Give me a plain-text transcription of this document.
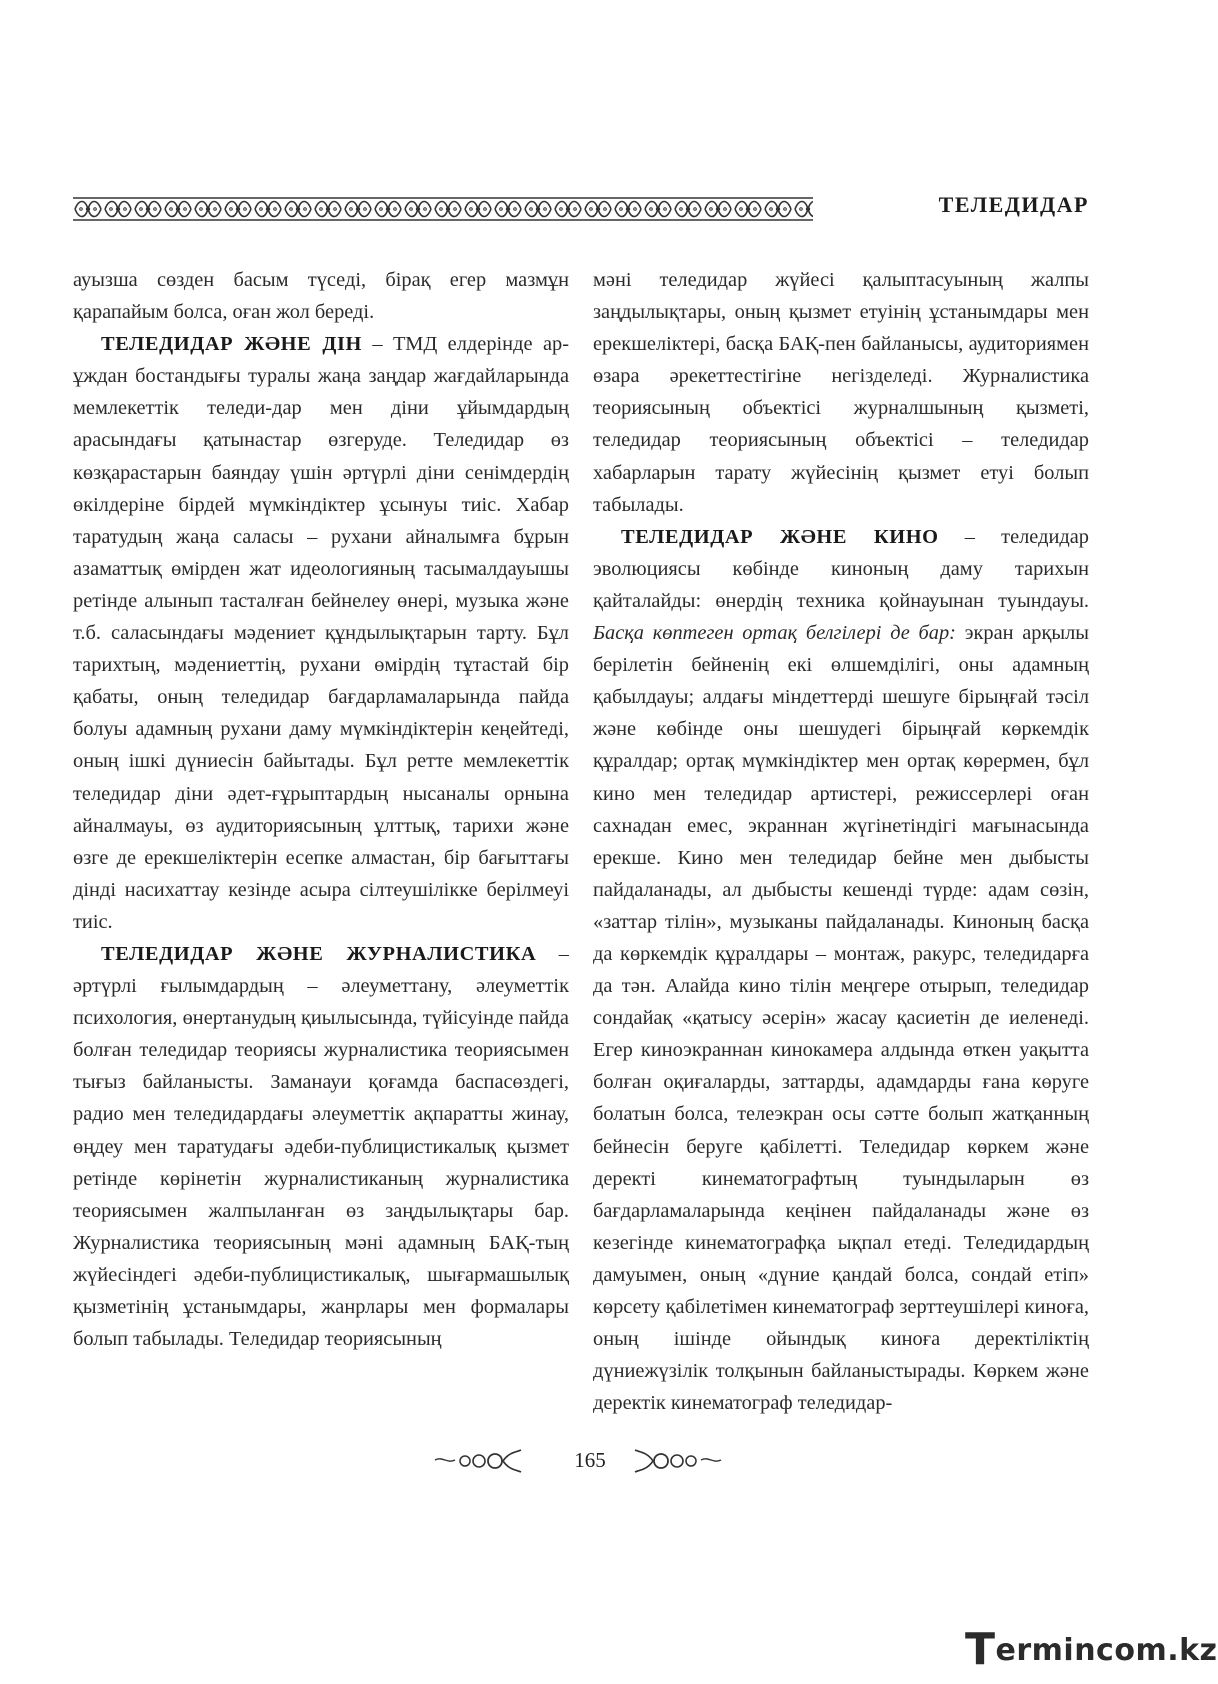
ТЕЛЕДИДАР

ауызша сөзден басым түседі, бірақ егер мазмұн қарапайым болса, оған жол береді.

ТЕЛЕДИДАР ЖӘНЕ ДІН – ТМД елдерінде ар-ұждан бостандығы туралы жаңа заңдар жағдайларында мемлекеттік теледи-дар мен діни ұйымдардың арасындағы қатынастар өзгеруде. Теледидар өз көзқарастарын баяндау үшін әртүрлі діни сенімдердің өкілдеріне бірдей мүмкіндіктер ұсынуы тиіс. Хабар таратудың жаңа саласы – рухани айналымға бұрын азаматтық өмірден жат идеологияның тасымалдауышы ретінде алынып тасталған бейнелеу өнері, музыка және т.б. саласындағы мәдениет құндылықтарын тарту. Бұл тарихтың, мәдениеттің, рухани өмірдің тұтастай бір қабаты, оның теледидар бағдарламаларында пайда болуы адамның рухани даму мүмкіндіктерін кеңейтеді, оның ішкі дүниесін байытады. Бұл ретте мемлекеттік теледидар діни әдет-ғұрыптардың нысаналы орнына айналмауы, өз аудиториясының ұлттық, тарихи және өзге де ерекшеліктерін есепке алмастан, бір бағыттағы дінді насихаттау кезінде асыра сілтеушілікке берілмеуі тиіс.

ТЕЛЕДИДАР ЖӘНЕ ЖУРНАЛИСТИКА – әртүрлі ғылымдардың – әлеуметтану, әлеуметтік психология, өнертанудың қиылысында, түйісуінде пайда болған теледидар теориясы журналистика теориясымен тығыз байланысты. Заманауи қоғамда баспасөздегі, радио мен теледидардағы әлеуметтік ақпаратты жинау, өңдеу мен таратудағы әдеби-публицистикалық қызмет ретінде көрінетін журналистиканың журналистика теориясымен жалпыланған өз заңдылықтары бар. Журналистика теориясының мәні адамның БАҚ-тың жүйесіндегі әдеби-публицистикалық, шығармашылық қызметінің ұстанымдары, жанрлары мен формалары болып табылады. Теледидар теориясының

мәні теледидар жүйесі қалыптасуының жалпы заңдылықтары, оның қызмет етуінің ұстанымдары мен ерекшеліктері, басқа БАҚ-пен байланысы, аудиториямен өзара әрекеттестігіне негізделеді. Журналистика теориясының объектісі журналшының қызметі, теледидар теориясының объектісі – теледидар хабарларын тарату жүйесінің қызмет етуі болып табылады.

ТЕЛЕДИДАР ЖӘНЕ КИНО – теледидар эволюциясы көбінде киноның даму тарихын қайталайды: өнердің техника қойнауынан туындауы. Басқа көптеген ортақ белгілері де бар: экран арқылы берілетін бейненің екі өлшемділігі, оны адамның қабылдауы; алдағы міндеттерді шешуге бірыңғай тәсіл және көбінде оны шешудегі бірыңғай көркемдік құралдар; ортақ мүмкіндіктер мен ортақ көрермен, бұл кино мен теледидар артистері, режиссерлері оған сахнадан емес, экраннан жүгінетіндігі мағынасында ерекше. Кино мен теледидар бейне мен дыбысты пайдаланады, ал дыбысты кешенді түрде: адам сөзін, «заттар тілін», музыканы пайдаланады. Киноның басқа да көркемдік құралдары – монтаж, ракурс, теледидарға да тән. Алайда кино тілін меңгере отырып, теледидар сондайақ «қатысу әсерін» жасау қасиетін де иеленеді. Егер киноэкраннан кинокамера алдында өткен уақытта болған оқиғаларды, заттарды, адамдарды ғана көруге болатын болса, телеэкран осы сәтте болып жатқанның бейнесін беруге қабілетті. Теледидар көркем және деректі кинематографтың туындыларын өз бағдарламаларында кеңінен пайдаланады және өз кезегінде кинематографқа ықпал етеді. Теледидардың дамуымен, оның «дүние қандай болса, сондай етіп» көрсету қабілетімен кинематограф зерттеушілері киноға, оның ішінде ойындық киноға деректіліктің дүниежүзілік толқынын байланыстырады. Көркем және деректік кинематограф теледидар-

165
Termincom.kz
